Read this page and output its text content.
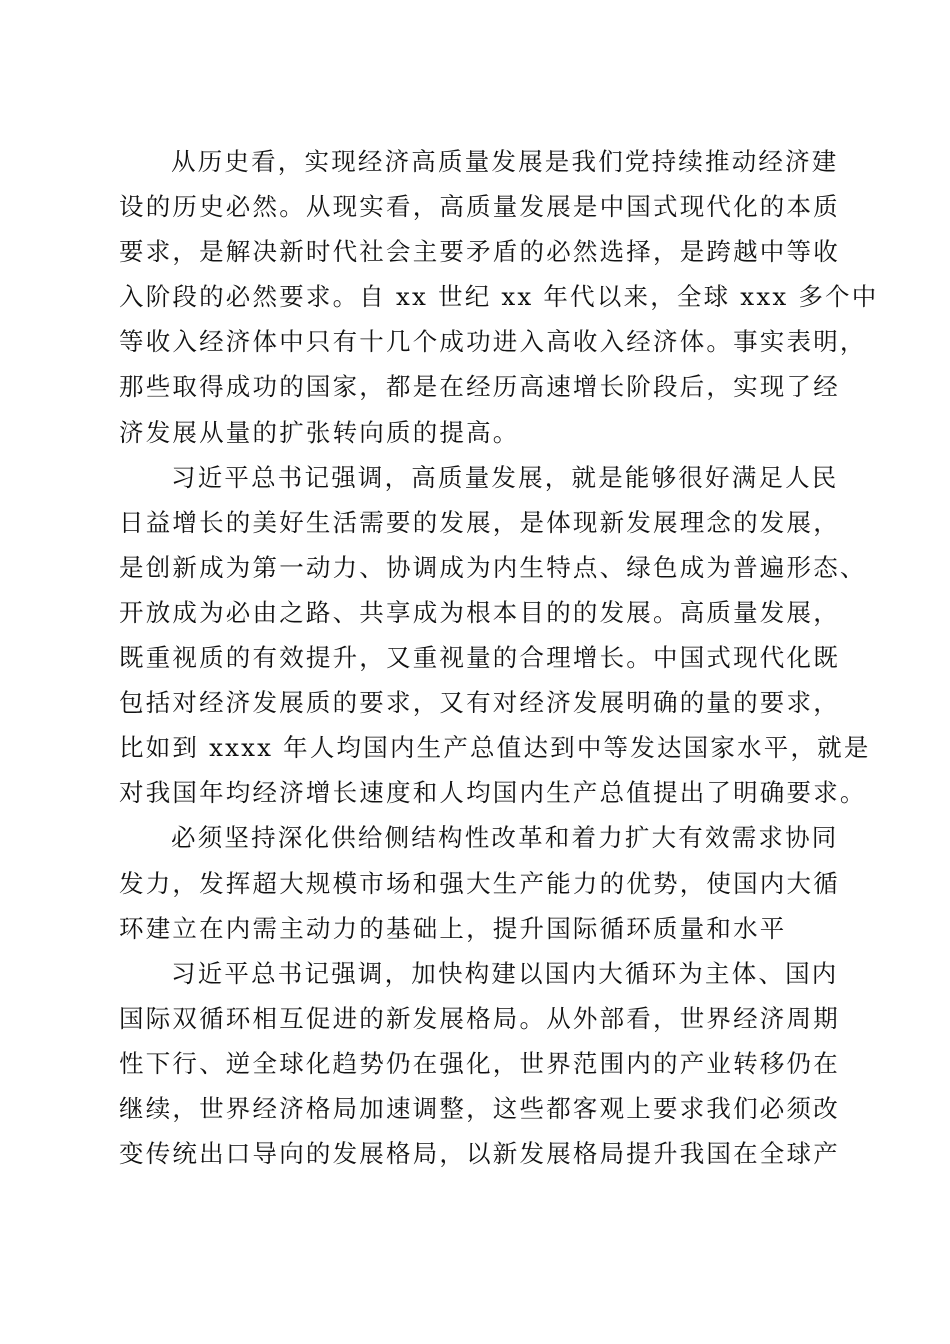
从历史看，实现经济高质量发展是我们党持续推动经济建
设的历史必然。从现实看，高质量发展是中国式现代化的本质
要求，是解决新时代社会主要矛盾的必然选择，是跨越中等收
入阶段的必然要求。自 xx 世纪 xx 年代以来，全球 xxx 多个中
等收入经济体中只有十几个成功进入高收入经济体。事实表明，
那些取得成功的国家，都是在经历高速增长阶段后，实现了经
济发展从量的扩张转向质的提高。
习近平总书记强调，高质量发展，就是能够很好满足人民
日益增长的美好生活需要的发展，是体现新发展理念的发展，
是创新成为第一动力、协调成为内生特点、绿色成为普遍形态、
开放成为必由之路、共享成为根本目的的发展。高质量发展，
既重视质的有效提升，又重视量的合理增长。中国式现代化既
包括对经济发展质的要求，又有对经济发展明确的量的要求，
比如到 xxxx 年人均国内生产总值达到中等发达国家水平，就是
对我国年均经济增长速度和人均国内生产总值提出了明确要求。
必须坚持深化供给侧结构性改革和着力扩大有效需求协同
发力，发挥超大规模市场和强大生产能力的优势，使国内大循
环建立在内需主动力的基础上，提升国际循环质量和水平
习近平总书记强调，加快构建以国内大循环为主体、国内
国际双循环相互促进的新发展格局。从外部看，世界经济周期
性下行、逆全球化趋势仍在强化，世界范围内的产业转移仍在
继续，世界经济格局加速调整，这些都客观上要求我们必须改
变传统出口导向的发展格局，以新发展格局提升我国在全球产
